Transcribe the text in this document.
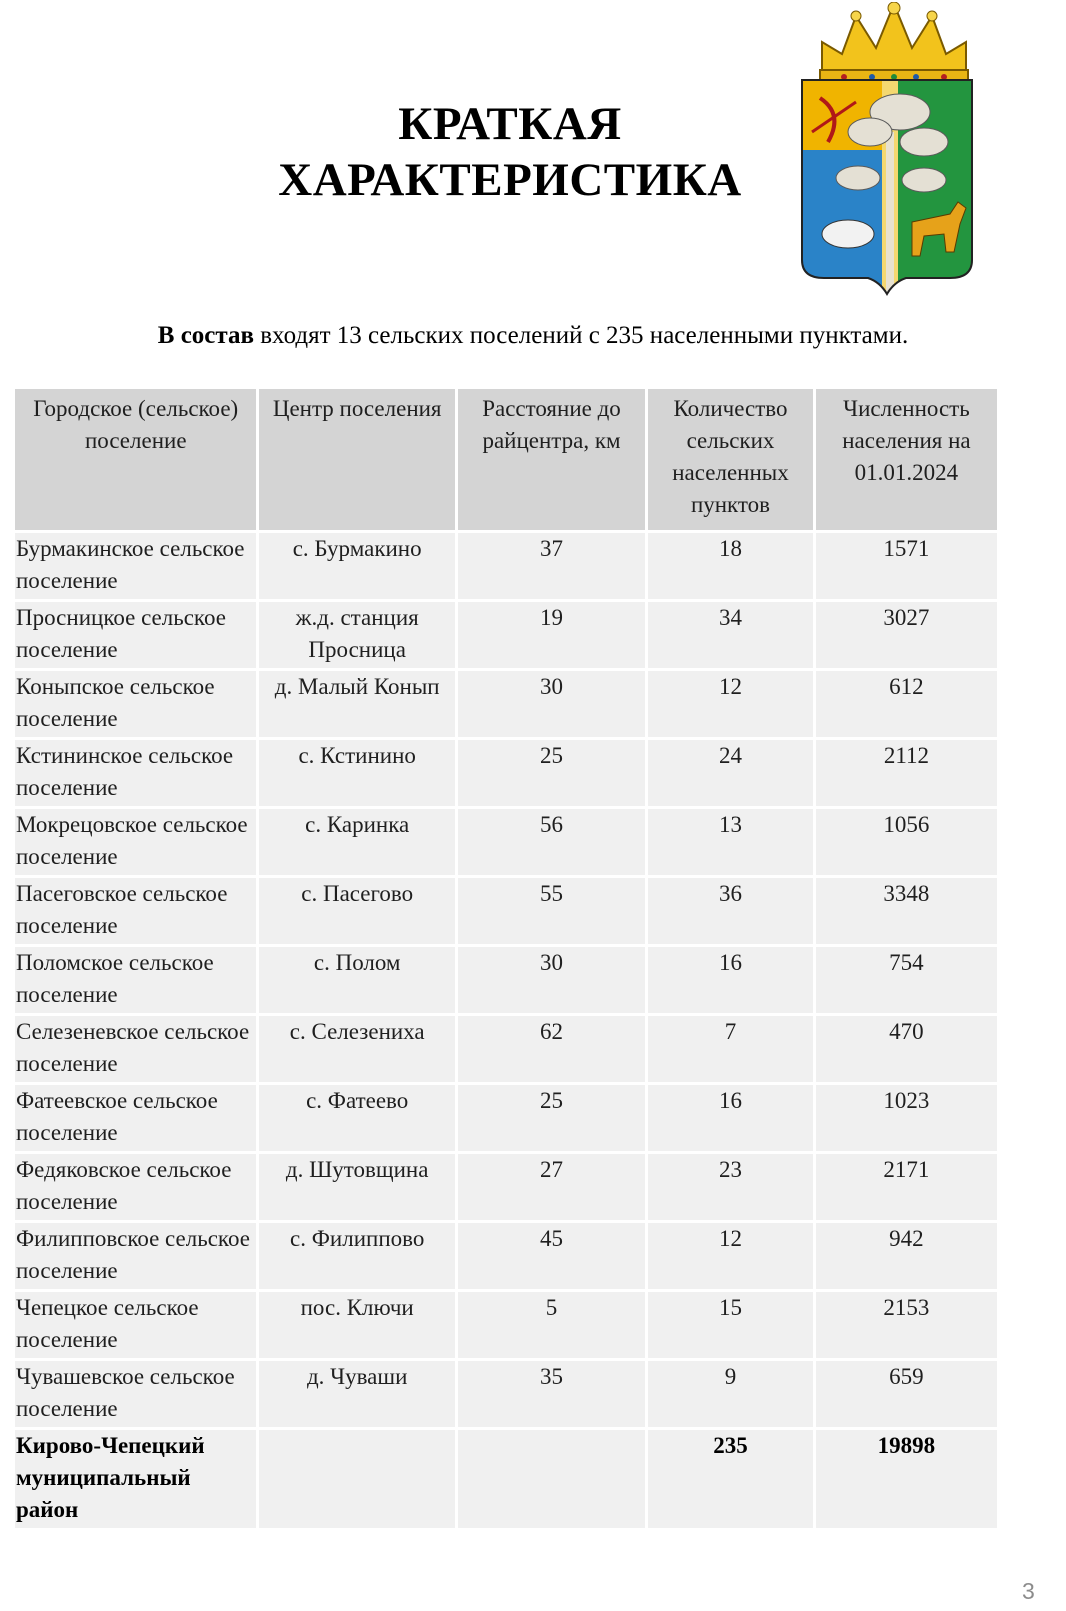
КРАТКАЯ
ХАРАКТЕРИСТИКА
В состав входят 13 сельских поселений с 235 населенными пунктами.
Городское (сельское) поселение	Центр поселения	Расстояние до райцентра, км	Количество сельских населенных пунктов	Численность населения на 01.01.2024
Бурмакинское сельское поселение	с. Бурмакино	37	18	1571
Просницкое сельское поселение	ж.д. станция Просница	19	34	3027
Коныпское сельское поселение	д. Малый Конып	30	12	612
Кстининское сельское поселение	с. Кстинино	25	24	2112
Мокрецовское сельское поселение	с. Каринка	56	13	1056
Пасеговское сельское поселение	с. Пасегово	55	36	3348
Поломское сельское поселение	с. Полом	30	16	754
Селезеневское сельское поселение	с. Селезениха	62	7	470
Фатеевское сельское поселение	с. Фатеево	25	16	1023
Федяковское сельское поселение	д. Шутовщина	27	23	2171
Филипповское сельское поселение	с. Филиппово	45	12	942
Чепецкое сельское поселение	пос. Ключи	5	15	2153
Чувашевское сельское поселение	д. Чуваши	35	9	659
Кирово-Чепецкий муниципальный район			235	19898
3
